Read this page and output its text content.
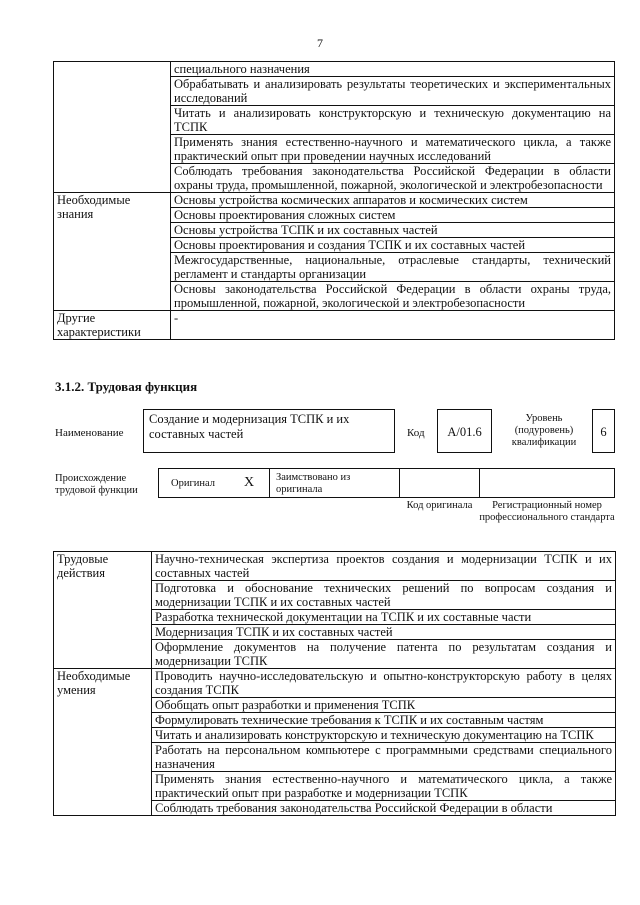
7
	специального назначения
	Обрабатывать и анализировать результаты теоретических и экспериментальных исследований
	Читать и анализировать конструкторскую и техническую документацию на ТСПК
	Применять знания естественно-научного и математического цикла, а также практический опыт при проведении научных исследований
	Соблюдать требования законодательства Российской Федерации в области охраны труда, промышленной, пожарной, экологической и электробезопасности
Необходимые знания	Основы устройства космических аппаратов и космических систем
	Основы проектирования сложных систем
	Основы устройства ТСПК и их составных частей
	Основы проектирования и создания ТСПК и их составных частей
	Межгосударственные, национальные, отраслевые стандарты, технический регламент и стандарты организации
	Основы законодательства Российской Федерации в области охраны труда, промышленной, пожарной, экологической и электробезопасности
Другие характеристики	-
3.1.2. Трудовая функция
Наименование
Создание и модернизация ТСПК и их составных частей	Код	А/01.6
Уровень (подуровень) квалификации
6
Происхождение трудовой функции
Оригинал X	Заимствовано из оригинала
Код оригинала	Регистрационный номер профессионального стандарта
Трудовые действия	Научно-техническая экспертиза проектов создания и модернизации ТСПК и их составных частей
	Подготовка и обоснование технических решений по вопросам создания и модернизации ТСПК и их составных частей
	Разработка технической документации на ТСПК и их составные части
	Модернизация ТСПК и их составных частей
	Оформление документов на получение патента по результатам создания и модернизации ТСПК
Необходимые умения	Проводить научно-исследовательскую и опытно-конструкторскую работу в целях создания ТСПК
	Обобщать опыт разработки и применения ТСПК
	Формулировать технические требования к ТСПК и их составным частям
	Читать и анализировать конструкторскую и техническую документацию на ТСПК
	Работать на персональном компьютере с программными средствами специального назначения
	Применять знания естественно-научного и математического цикла, а также практический опыт при разработке и модернизации ТСПК
	Соблюдать требования законодательства Российской Федерации в области
